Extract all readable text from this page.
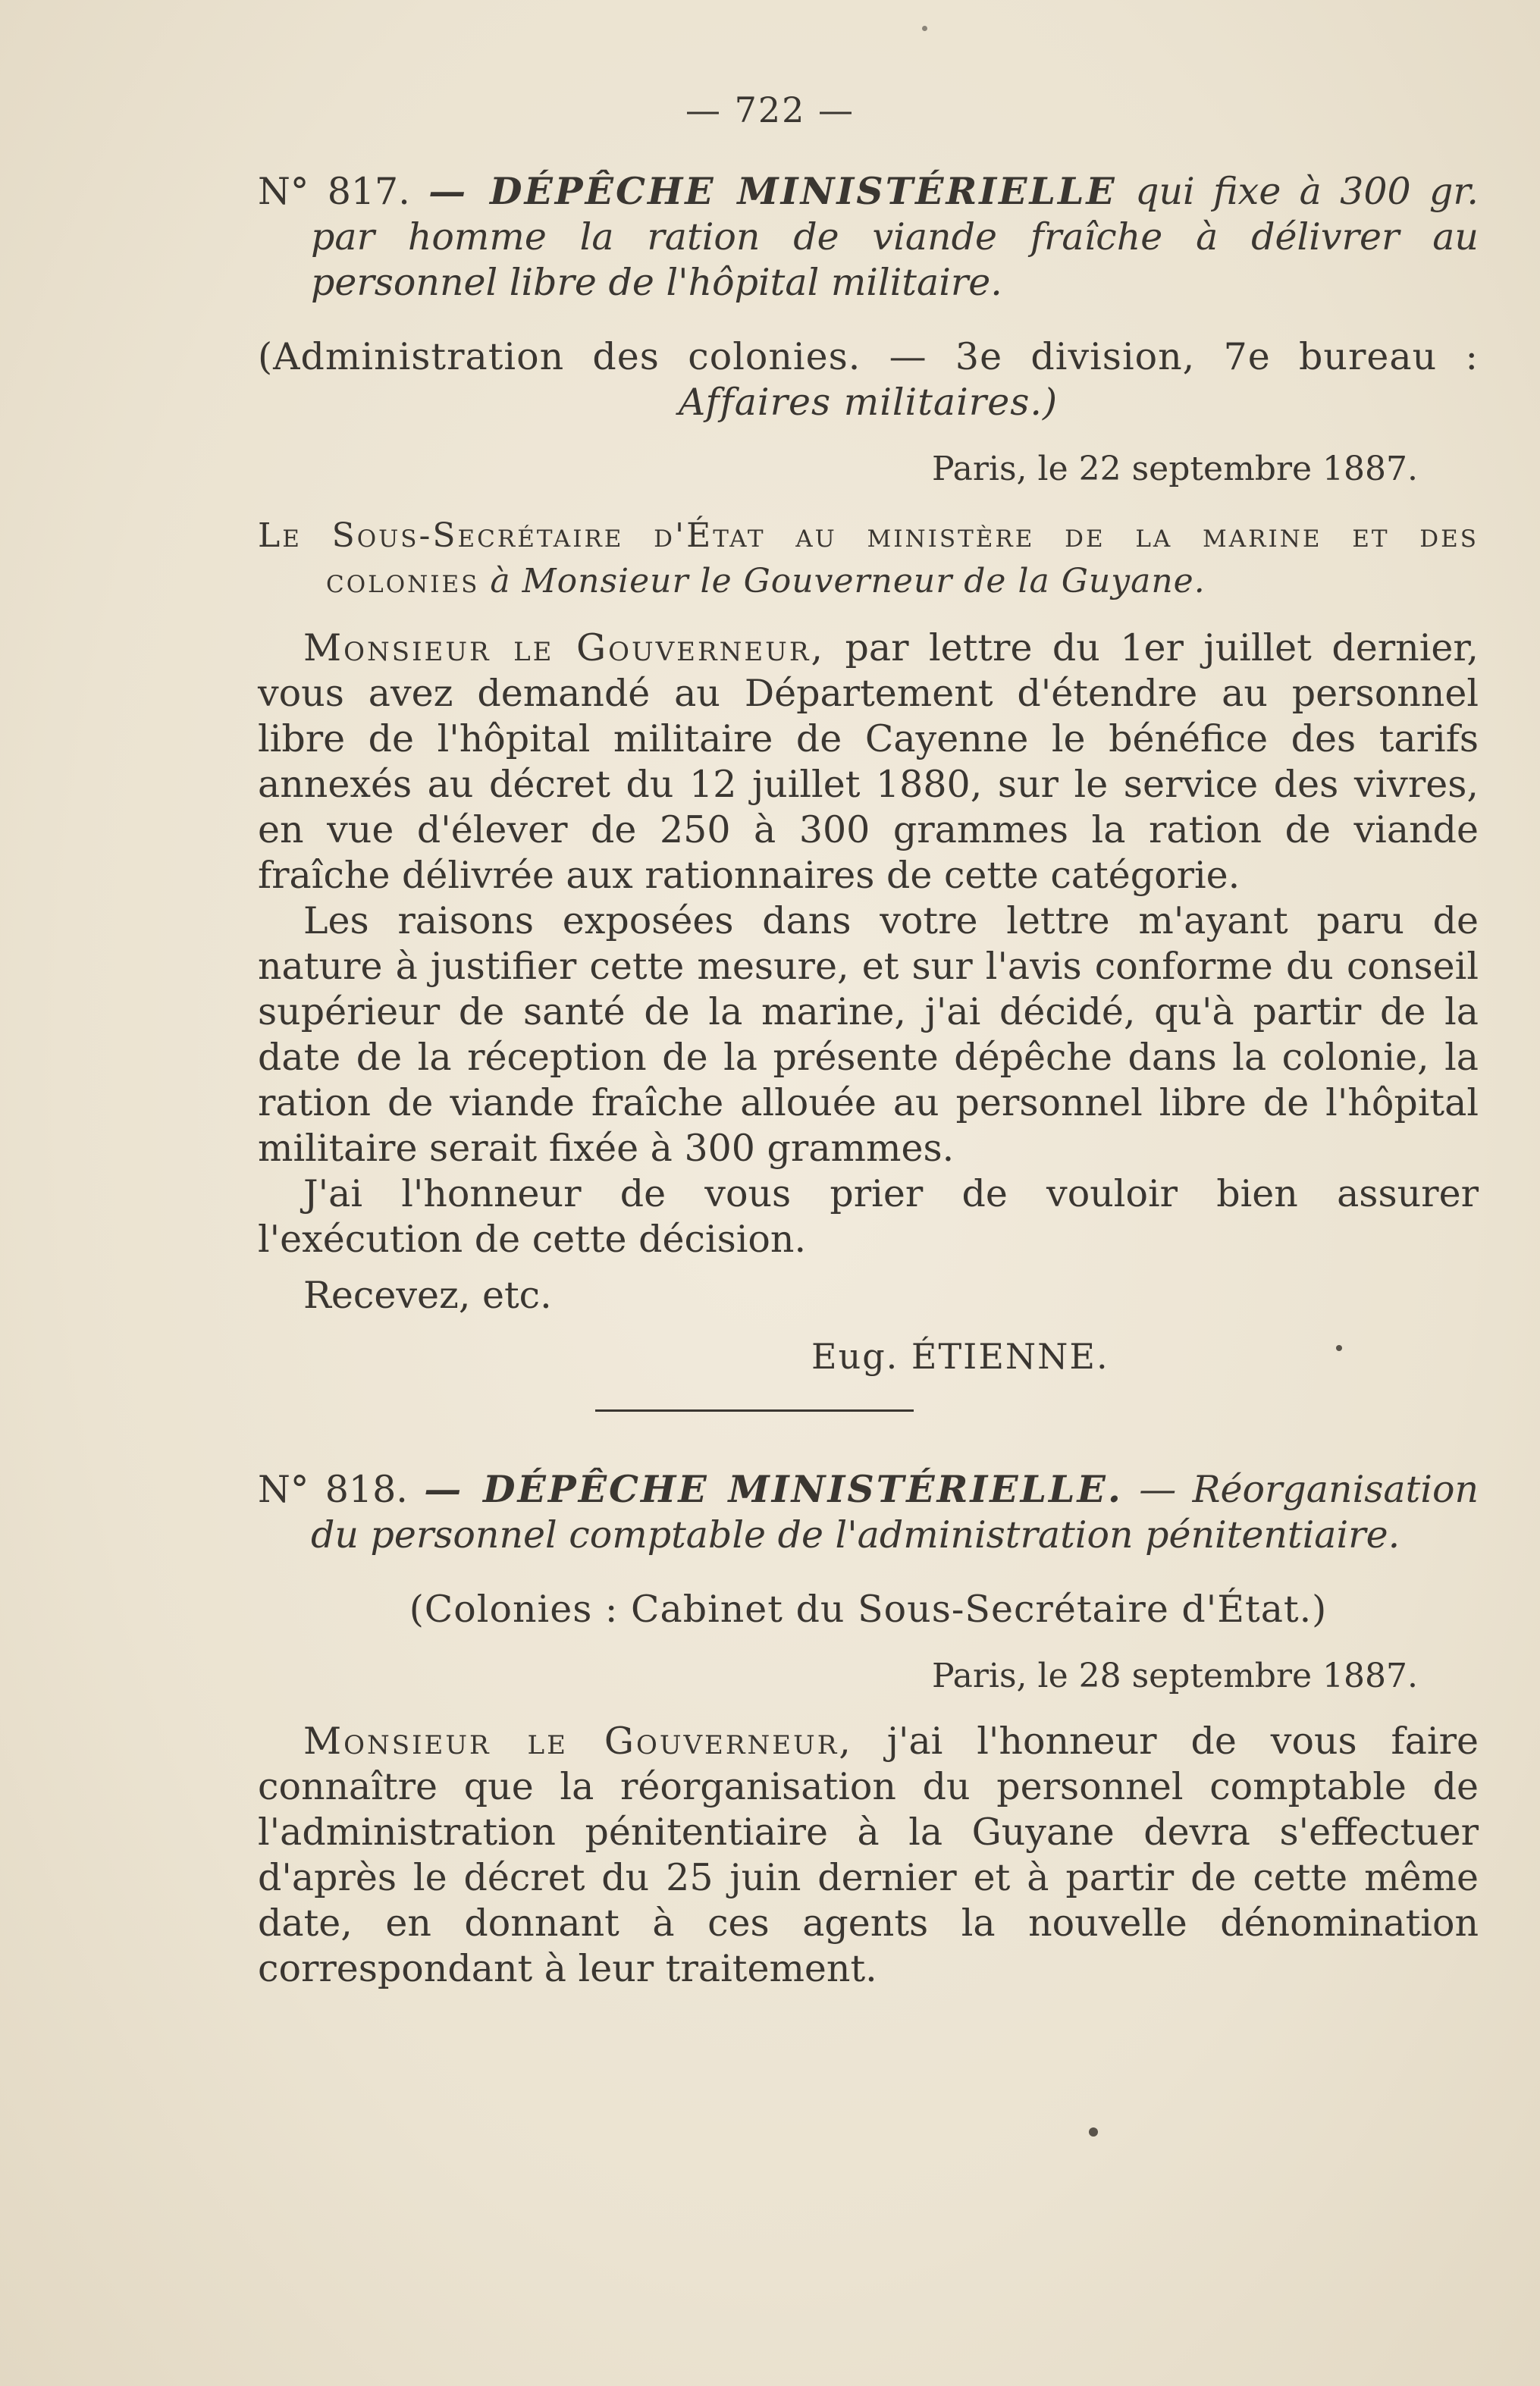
— 722 —

N° 817. — DÉPÊCHE MINISTÉRIELLE qui fixe à 300 gr. par homme la ration de viande fraîche à délivrer au personnel libre de l'hôpital militaire.

(Administration des colonies. — 3e division, 7e bureau :
Affaires militaires.)
Paris, le 22 septembre 1887.

Le Sous-Secrétaire d'État au ministère de la marine et des colonies à Monsieur le Gouverneur de la Guyane.

Monsieur le Gouverneur, par lettre du 1er juillet dernier, vous avez demandé au Département d'étendre au personnel libre de l'hôpital militaire de Cayenne le bénéfice des tarifs annexés au décret du 12 juillet 1880, sur le service des vivres, en vue d'élever de 250 à 300 grammes la ration de viande fraîche délivrée aux rationnaires de cette catégorie.

Les raisons exposées dans votre lettre m'ayant paru de nature à justifier cette mesure, et sur l'avis conforme du conseil supérieur de santé de la marine, j'ai décidé, qu'à partir de la date de la réception de la présente dépêche dans la colonie, la ration de viande fraîche allouée au personnel libre de l'hôpital militaire serait fixée à 300 grammes.

J'ai l'honneur de vous prier de vouloir bien assurer l'exécution de cette décision.

Recevez, etc.

Eug. ÉTIENNE.

N° 818. — DÉPÊCHE MINISTÉRIELLE. — Réorganisation du personnel comptable de l'administration pénitentiaire.

(Colonies : Cabinet du Sous-Secrétaire d'État.)
Paris, le 28 septembre 1887.

Monsieur le Gouverneur, j'ai l'honneur de vous faire connaître que la réorganisation du personnel comptable de l'administration pénitentiaire à la Guyane devra s'effectuer d'après le décret du 25 juin dernier et à partir de cette même date, en donnant à ces agents la nouvelle dénomination correspondant à leur traitement.
